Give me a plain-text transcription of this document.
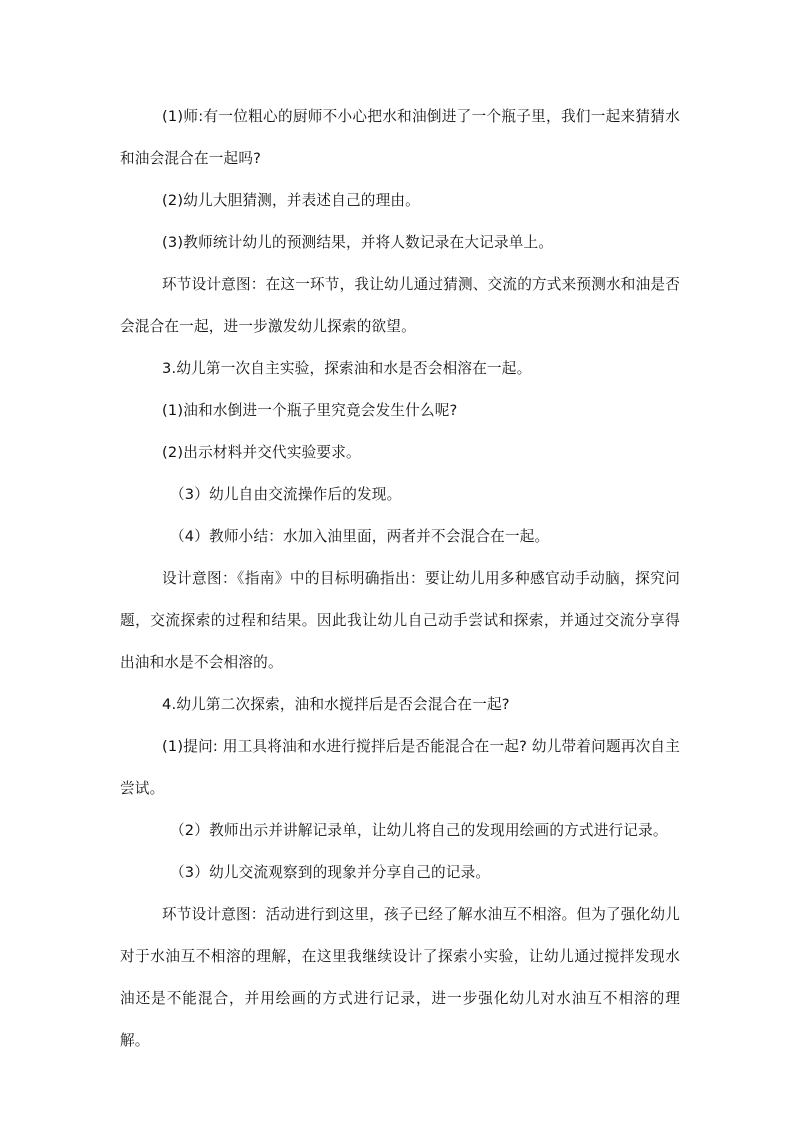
(1)师:有一位粗心的厨师不小心把水和油倒进了一个瓶子里，我们一起来猜猜水和油会混合在一起吗?

(2)幼儿大胆猜测，并表述自己的理由。

(3)教师统计幼儿的预测结果，并将人数记录在大记录单上。

环节设计意图：在这一环节，我让幼儿通过猜测、交流的方式来预测水和油是否会混合在一起，进一步激发幼儿探索的欲望。

3.幼儿第一次自主实验，探索油和水是否会相溶在一起。

(1)油和水倒进一个瓶子里究竟会发生什么呢?

(2)出示材料并交代实验要求。

（3）幼儿自由交流操作后的发现。

（4）教师小结：水加入油里面，两者并不会混合在一起。

设计意图：《指南》中的目标明确指出：要让幼儿用多种感官动手动脑，探究问题，交流探索的过程和结果。因此我让幼儿自己动手尝试和探索，并通过交流分享得出油和水是不会相溶的。

4.幼儿第二次探索，油和水搅拌后是否会混合在一起?

(1)提问: 用工具将油和水进行搅拌后是否能混合在一起? 幼儿带着问题再次自主尝试。

（2）教师出示并讲解记录单，让幼儿将自己的发现用绘画的方式进行记录。

（3）幼儿交流观察到的现象并分享自己的记录。

环节设计意图：活动进行到这里，孩子已经了解水油互不相溶。但为了强化幼儿对于水油互不相溶的理解，在这里我继续设计了探索小实验，让幼儿通过搅拌发现水油还是不能混合，并用绘画的方式进行记录，进一步强化幼儿对水油互不相溶的理解。
